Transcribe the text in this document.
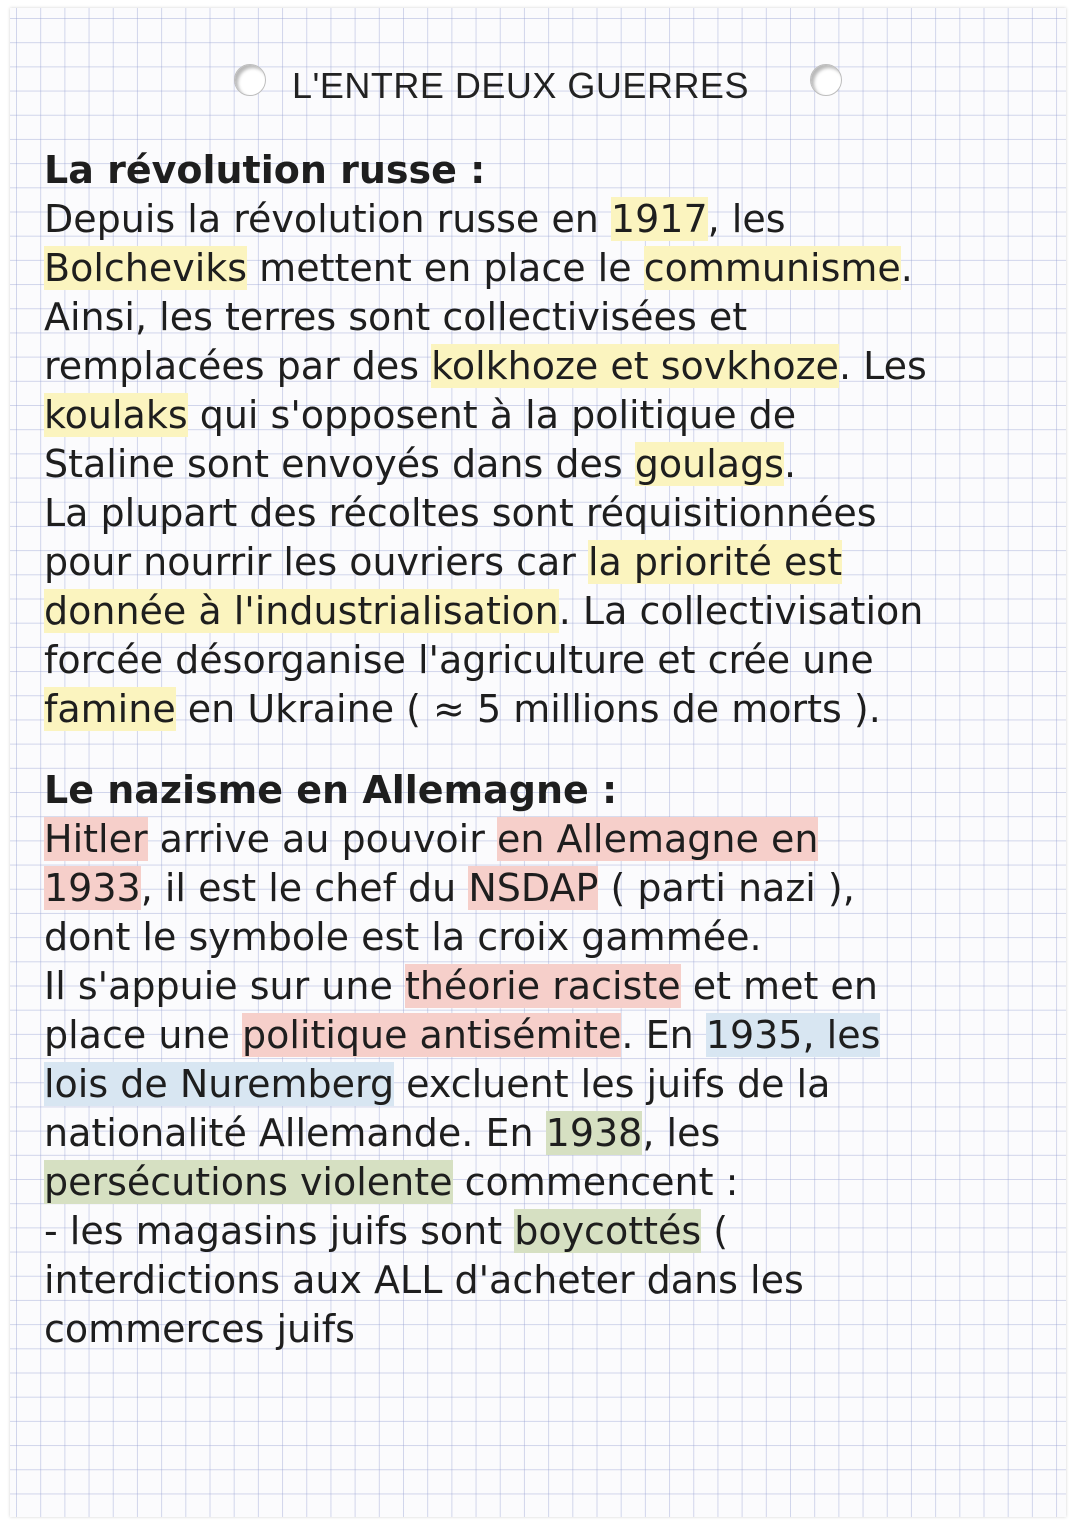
L'ENTRE DEUX GUERRES
La révolution russe :
Depuis la révolution russe en 1917, les
Bolcheviks mettent en place le communisme.
Ainsi, les terres sont collectivisées et
remplacées par des kolkhoze et sovkhoze. Les
koulaks qui s'opposent à la politique de
Staline sont envoyés dans des goulags.
La plupart des récoltes sont réquisitionnées
pour nourrir les ouvriers car la priorité est
donnée à l'industrialisation. La collectivisation
forcée désorganise l'agriculture et crée une
famine en Ukraine ( ≈ 5 millions de morts ).
Le nazisme en Allemagne :
Hitler arrive au pouvoir en Allemagne en
1933, il est le chef du NSDAP ( parti nazi ),
dont le symbole est la croix gammée.
Il s'appuie sur une théorie raciste et met en
place une politique antisémite. En 1935, les
lois de Nuremberg excluent les juifs de la
nationalité Allemande. En 1938, les
persécutions violente commencent :
- les magasins juifs sont boycottés (
interdictions aux ALL d'acheter dans les
commerces juifs
